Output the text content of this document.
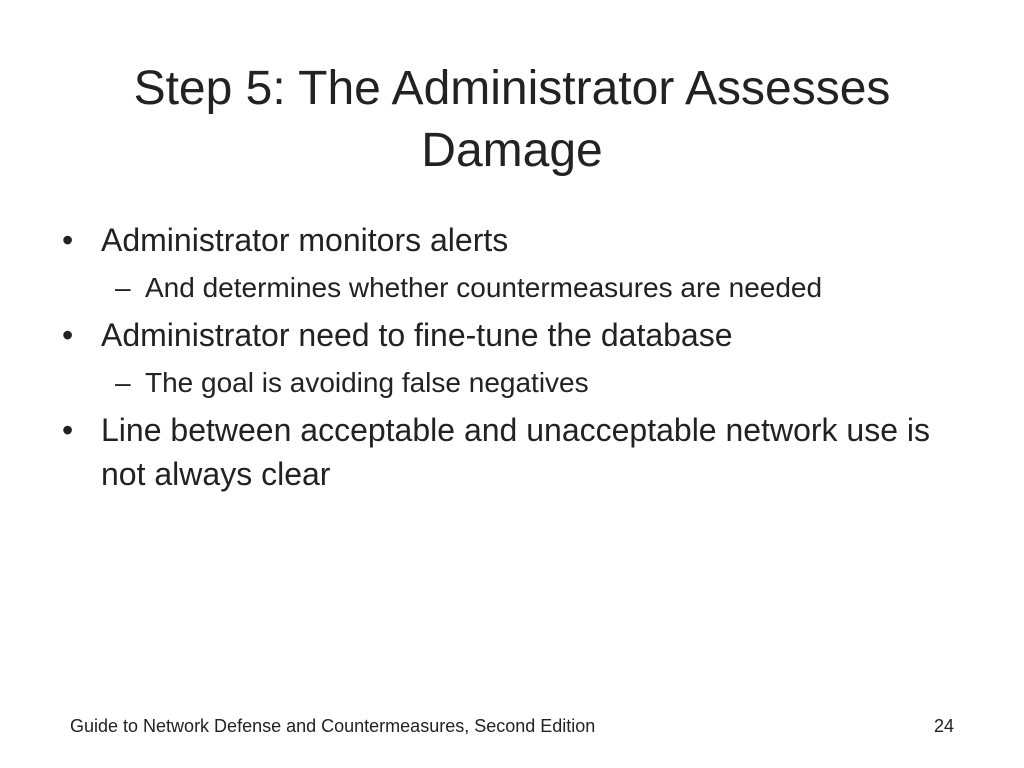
Step 5: The Administrator Assesses Damage
• Administrator monitors alerts
– And determines whether countermeasures are needed
• Administrator need to fine-tune the database
– The goal is avoiding false negatives
• Line between acceptable and unacceptable network use is not always clear
Guide to Network Defense and Countermeasures, Second Edition	24
